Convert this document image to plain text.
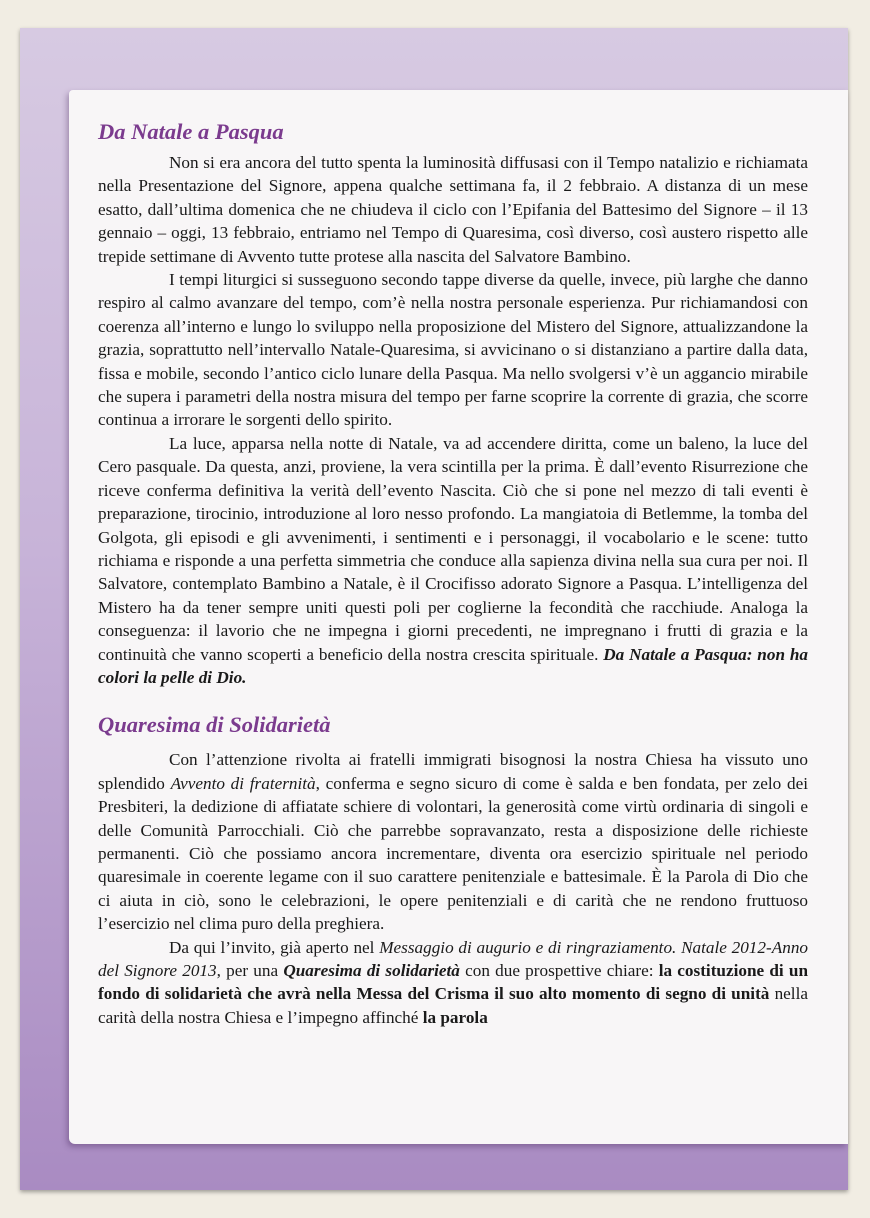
Da Natale a Pasqua

Non si era ancora del tutto spenta la luminosità diffusasi con il Tempo natalizio e richiamata nella Presentazione del Signore, appena qualche settimana fa, il 2 febbraio. A distanza di un mese esatto, dall’ultima domenica che ne chiudeva il ciclo con l’Epifania del Battesimo del Signore – il 13 gennaio – oggi, 13 febbraio, entriamo nel Tempo di Quaresima, così diverso, così austero rispetto alle trepide settimane di Avvento tutte protese alla nascita del Salvatore Bambino.

I tempi liturgici si susseguono secondo tappe diverse da quelle, invece, più larghe che danno respiro al calmo avanzare del tempo, com’è nella nostra personale esperienza. Pur richiamandosi con coerenza all’interno e lungo lo sviluppo nella proposizione del Mistero del Signore, attualizzandone la grazia, soprattutto nell’intervallo Natale-Quaresima, si avvicinano o si distanziano a partire dalla data, fissa e mobile, secondo l’antico ciclo lunare della Pasqua. Ma nello svolgersi v’è un aggancio mirabile che supera i parametri della nostra misura del tempo per farne scoprire la corrente di grazia, che scorre continua a irrorare le sorgenti dello spirito.

La luce, apparsa nella notte di Natale, va ad accendere diritta, come un baleno, la luce del Cero pasquale. Da questa, anzi, proviene, la vera scintilla per la prima. È dall’evento Risurrezione che riceve conferma definitiva la verità dell’evento Nascita. Ciò che si pone nel mezzo di tali eventi è preparazione, tirocinio, introduzione al loro nesso profondo. La mangiatoia di Betlemme, la tomba del Golgota, gli episodi e gli avvenimenti, i sentimenti e i personaggi, il vocabolario e le scene: tutto richiama e risponde a una perfetta simmetria che conduce alla sapienza divina nella sua cura per noi. Il Salvatore, contemplato Bambino a Natale, è il Crocifisso adorato Signore a Pasqua. L’intelligenza del Mistero ha da tener sempre uniti questi poli per coglierne la fecondità che racchiude. Analoga la conseguenza: il lavorio che ne impegna i giorni precedenti, ne impregnano i frutti di grazia e la continuità che vanno scoperti a beneficio della nostra crescita spirituale. Da Natale a Pasqua: non ha colori la pelle di Dio.

Quaresima di Solidarietà

Con l’attenzione rivolta ai fratelli immigrati bisognosi la nostra Chiesa ha vissuto uno splendido Avvento di fraternità, conferma e segno sicuro di come è salda e ben fondata, per zelo dei Presbiteri, la dedizione di affiatate schiere di volontari, la generosità come virtù ordinaria di singoli e delle Comunità Parrocchiali. Ciò che parrebbe sopravanzato, resta a disposizione delle richieste permanenti. Ciò che possiamo ancora incrementare, diventa ora esercizio spirituale nel periodo quaresimale in coerente legame con il suo carattere penitenziale e battesimale. È la Parola di Dio che ci aiuta in ciò, sono le celebrazioni, le opere penitenziali e di carità che ne rendono fruttuoso l’esercizio nel clima puro della preghiera.

Da qui l’invito, già aperto nel Messaggio di augurio e di ringraziamento. Natale 2012-Anno del Signore 2013, per una Quaresima di solidarietà con due prospettive chiare: la costituzione di un fondo di solidarietà che avrà nella Messa del Crisma il suo alto momento di segno di unità nella carità della nostra Chiesa e l’impegno affinché la parola
